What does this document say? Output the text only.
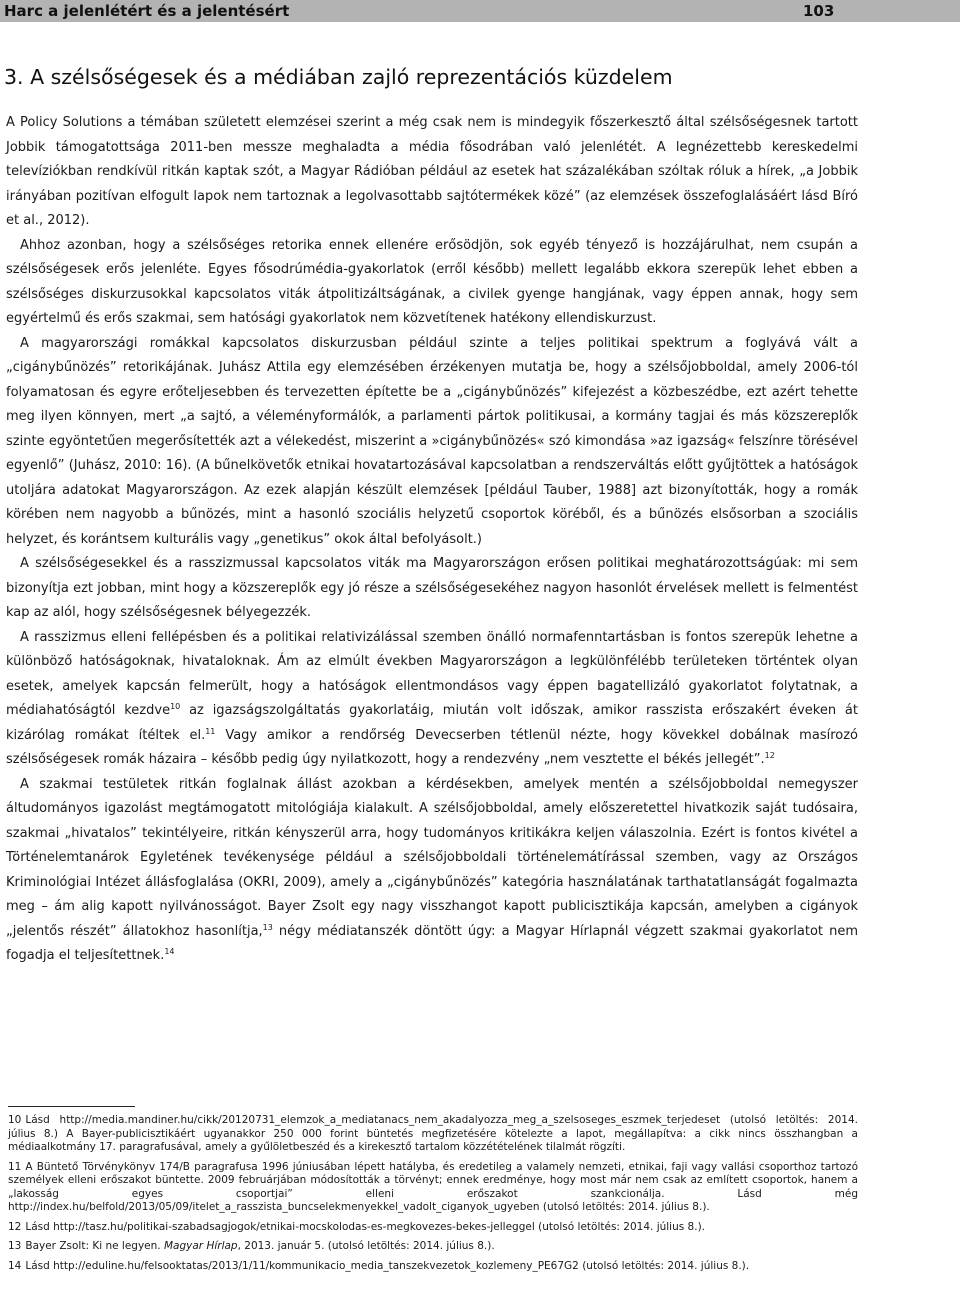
Harc a jelenlétért és a jelentésért	103
3. A szélsőségesek és a médiában zajló reprezentációs küzdelem

A Policy Solutions a témában született elemzései szerint a még csak nem is mindegyik főszerkesztő által szélsőségesnek tartott Jobbik támogatottsága 2011-ben messze meghaladta a média fősodrában való jelenlétét. A legnézettebb kereskedelmi televíziókban rendkívül ritkán kaptak szót, a Magyar Rádióban például az esetek hat százalékában szóltak róluk a hírek, „a Jobbik irányában pozitívan elfogult lapok nem tartoznak a legolvasottabb sajtótermékek közé” (az elemzések összefoglalásáért lásd Bíró et al., 2012).

Ahhoz azonban, hogy a szélsőséges retorika ennek ellenére erősödjön, sok egyéb tényező is hozzájárulhat, nem csupán a szélsőségesek erős jelenléte. Egyes fősodrúmédia-gyakorlatok (erről később) mellett legalább ekkora szerepük lehet ebben a szélsőséges diskurzusokkal kapcsolatos viták átpolitizáltságának, a civilek gyenge hangjának, vagy éppen annak, hogy sem egyértelmű és erős szakmai, sem hatósági gyakorlatok nem közvetítenek hatékony ellendiskurzust.

A magyarországi romákkal kapcsolatos diskurzusban például szinte a teljes politikai spektrum a foglyává vált a „cigánybűnözés” retorikájának. Juhász Attila egy elemzésében érzékenyen mutatja be, hogy a szélsőjobboldal, amely 2006-tól folyamatosan és egyre erőteljesebben és tervezetten építette be a „cigánybűnözés” kifejezést a közbeszédbe, ezt azért tehette meg ilyen könnyen, mert „a sajtó, a véleményformálók, a parlamenti pártok politikusai, a kormány tagjai és más közszereplők szinte egyöntetűen megerősítették azt a vélekedést, miszerint a »cigánybűnözés« szó kimondása »az igazság« felszínre törésével egyenlő” (Juhász, 2010: 16). (A bűnelkövetők etnikai hovatartozásával kapcsolatban a rendszerváltás előtt gyűjtöttek a hatóságok utoljára adatokat Magyarországon. Az ezek alapján készült elemzések [például Tauber, 1988] azt bizonyították, hogy a romák körében nem nagyobb a bűnözés, mint a hasonló szociális helyzetű csoportok köréből, és a bűnözés elsősorban a szociális helyzet, és korántsem kulturális vagy „genetikus” okok által befolyásolt.)

A szélsőségesekkel és a rasszizmussal kapcsolatos viták ma Magyarországon erősen politikai meghatározottságúak: mi sem bizonyítja ezt jobban, mint hogy a közszereplők egy jó része a szélsőségesekéhez nagyon hasonlót érvelések mellett is felmentést kap az alól, hogy szélsőségesnek bélyegezzék.

A rasszizmus elleni fellépésben és a politikai relativizálással szemben önálló normafenntartásban is fontos szerepük lehetne a különböző hatóságoknak, hivataloknak. Ám az elmúlt években Magyarországon a legkülönfélébb területeken történtek olyan esetek, amelyek kapcsán felmerült, hogy a hatóságok ellentmondásos vagy éppen bagatellizáló gyakorlatot folytatnak, a médiahatóságtól kezdve$^{10}$ az igazságszolgáltatás gyakorlatáig, miután volt időszak, amikor rasszista erőszakért éveken át kizárólag romákat ítéltek el.$^{11}$ Vagy amikor a rendőrség Devecserben tétlenül nézte, hogy kövekkel dobálnak masírozó szélsőségesek romák házaira – később pedig úgy nyilatkozott, hogy a rendezvény „nem vesztette el békés jellegét”.$^{12}$

A szakmai testületek ritkán foglalnak állást azokban a kérdésekben, amelyek mentén a szélsőjobboldal nemegyszer áltudományos igazolást megtámogatott mitológiája kialakult. A szélsőjobboldal, amely előszeretettel hivatkozik saját tudósaira, szakmai „hivatalos” tekintélyeire, ritkán kényszerül arra, hogy tudományos kritikákra keljen válaszolnia. Ezért is fontos kivétel a Történelemtanárok Egyletének tevékenysége például a szélsőjobboldali történelemátírással szemben, vagy az Országos Kriminológiai Intézet állásfoglalása (OKRI, 2009), amely a „cigánybűnözés” kategória használatának tarthatatlanságát fogalmazta meg – ám alig kapott nyilvánosságot. Bayer Zsolt egy nagy visszhangot kapott publicisztikája kapcsán, amelyben a cigányok „jelentős részét” állatokhoz hasonlítja,$^{13}$ négy médiatanszék döntött úgy: a Magyar Hírlapnál végzett szakmai gyakorlatot nem fogadja el teljesítettnek.$^{14}$

10 Lásd http://media.mandiner.hu/cikk/20120731_elemzok_a_mediatanacs_nem_akadalyozza_meg_a_szelsoseges_eszmek_terjedeset (utolsó letöltés: 2014. július 8.) A Bayer-publicisztikáért ugyanakkor 250 000 forint büntetés megfizetésére kötelezte a lapot, megállapítva: a cikk nincs összhangban a médiaalkotmány 17. paragrafusával, amely a gyűlöletbeszéd és a kirekesztő tartalom közzétételének tilalmát rögzíti.

11 A Büntető Törvénykönyv 174/B paragrafusa 1996 júniusában lépett hatályba, és eredetileg a valamely nemzeti, etnikai, faji vagy vallási csoporthoz tartozó személyek elleni erőszakot büntette. 2009 februárjában módosították a törvényt; ennek eredménye, hogy most már nem csak az említett csoportok, hanem a „lakosság egyes csoportjai” elleni erőszakot szankcionálja. Lásd még http://index.hu/belfold/2013/05/09/itelet_a_rasszista_buncselekmenyekkel_vadolt_ciganyok_ugyeben (utolsó letöltés: 2014. július 8.).

12 Lásd http://tasz.hu/politikai-szabadsagjogok/etnikai-mocskolodas-es-megkovezes-bekes-jelleggel (utolsó letöltés: 2014. július 8.).

13 Bayer Zsolt: Ki ne legyen. Magyar Hírlap, 2013. január 5. (utolsó letöltés: 2014. július 8.).

14 Lásd http://eduline.hu/felsooktatas/2013/1/11/kommunikacio_media_tanszekvezetok_kozlemeny_PE67G2 (utolsó letöltés: 2014. július 8.).
